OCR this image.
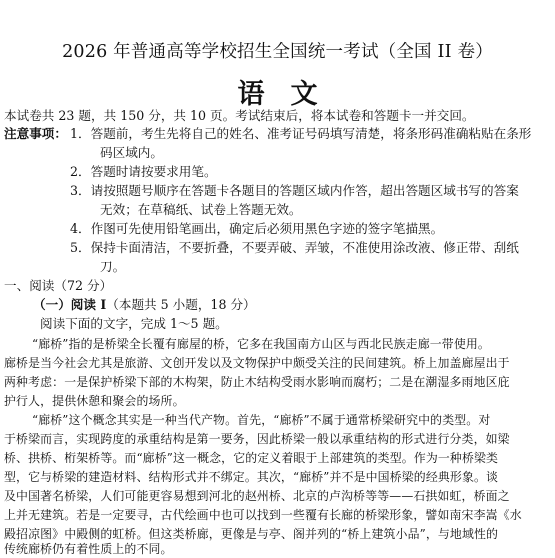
2026 年普通高等学校招生全国统一考试（全国 II 卷）
语文
本试卷共 23 题，共 150 分，共 10 页。考试结束后，将本试卷和答题卡一并交回。
注意事项： 1．答题前，考生先将自己的姓名、准考证号码填写清楚，将条形码准确粘贴在条形
码区域内。
2．答题时请按要求用笔。
3．请按照题号顺序在答题卡各题目的答题区域内作答，超出答题区域书写的答案
无效；在草稿纸、试卷上答题无效。
4．作图可先使用铅笔画出，确定后必须用黑色字迹的签字笔描黑。
5．保持卡面清洁，不要折叠，不要弄破、弄皱，不准使用涂改液、修正带、刮纸
刀。
一、阅读（72 分）
（一）阅读 I（本题共 5 小题，18 分）
阅读下面的文字，完成 1～5 题。
“廊桥”指的是桥梁全长覆有廊屋的桥，它多在我国南方山区与西北民族走廊一带使用。
廊桥是当今社会尤其是旅游、文创开发以及文物保护中颇受关注的民间建筑。桥上加盖廊屋出于
两种考虑：一是保护桥梁下部的木构架，防止木结构受雨水影响而腐朽；二是在潮湿多雨地区庇
护行人，提供休憩和聚会的场所。
“廊桥”这个概念其实是一种当代产物。首先，“廊桥”不属于通常桥梁研究中的类型。对
于桥梁而言，实现跨度的承重结构是第一要务，因此桥梁一般以承重结构的形式进行分类，如梁
桥、拱桥、桁架桥等。而“廊桥”这一概念，它的定义着眼于上部建筑的类型。作为一种桥梁类
型，它与桥梁的建造材料、结构形式并不绑定。其次，“廊桥”并不是中国桥梁的经典形象。谈
及中国著名桥梁，人们可能更容易想到河北的赵州桥、北京的卢沟桥等等——石拱如虹，桥面之
上并无建筑。若是一定要寻，古代绘画中也可以找到一些覆有长廊的桥梁形象，譬如南宋李嵩《水
殿招凉图》中殿侧的虹桥。但这类桥廊，更像是与亭、阁并列的“桥上建筑小品”，与地域性的
传统廊桥仍有着性质上的不同。
